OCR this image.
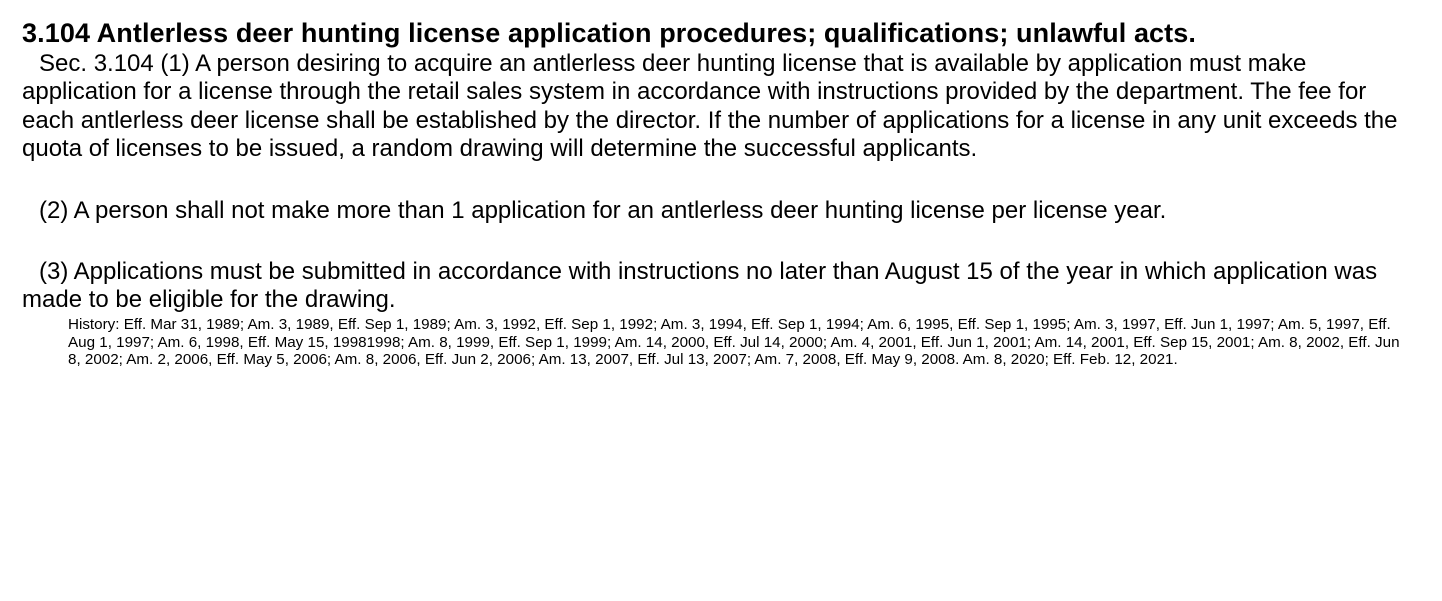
3.104 Antlerless deer hunting license application procedures; qualifications; unlawful acts.

Sec. 3.104 (1) A person desiring to acquire an antlerless deer hunting license that is available by application must make application for a license through the retail sales system in accordance with instructions provided by the department. The fee for each antlerless deer license shall be established by the director. If the number of applications for a license in any unit exceeds the quota of licenses to be issued, a random drawing will determine the successful applicants.

(2) A person shall not make more than 1 application for an antlerless deer hunting license per license year.

(3) Applications must be submitted in accordance with instructions no later than August 15 of the year in which application was made to be eligible for the drawing.

History: Eff. Mar 31, 1989; Am. 3, 1989, Eff. Sep 1, 1989; Am. 3, 1992, Eff. Sep 1, 1992; Am. 3, 1994, Eff. Sep 1, 1994; Am. 6, 1995, Eff. Sep 1, 1995; Am. 3, 1997, Eff. Jun 1, 1997; Am. 5, 1997, Eff. Aug 1, 1997; Am. 6, 1998, Eff. May 15, 19981998; Am. 8, 1999, Eff. Sep 1, 1999; Am. 14, 2000, Eff. Jul 14, 2000; Am. 4, 2001, Eff. Jun 1, 2001; Am. 14, 2001, Eff. Sep 15, 2001; Am. 8, 2002, Eff. Jun 8, 2002; Am. 2, 2006, Eff. May 5, 2006; Am. 8, 2006, Eff. Jun 2, 2006; Am. 13, 2007, Eff. Jul 13, 2007; Am. 7, 2008, Eff. May 9, 2008. Am. 8, 2020; Eff. Feb. 12, 2021.
